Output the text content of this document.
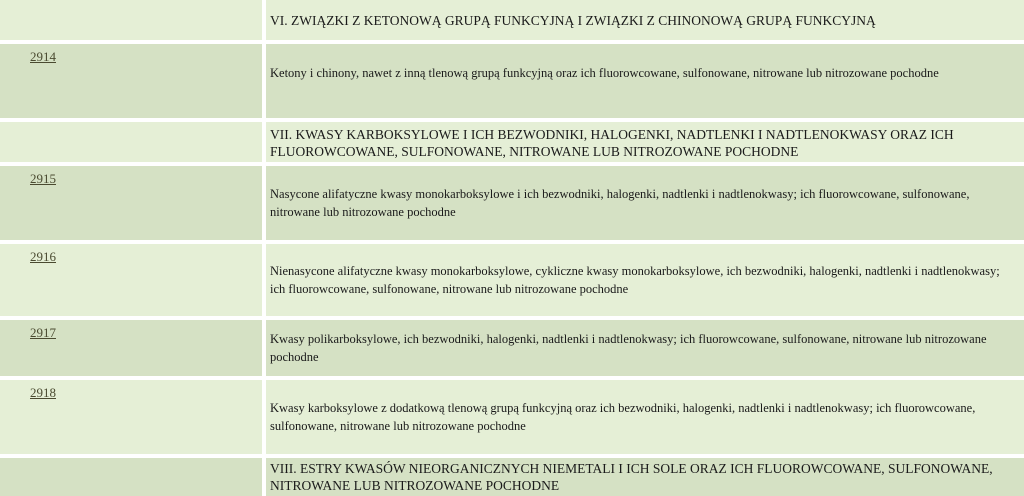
VI. ZWIĄZKI Z KETONOWĄ GRUPĄ FUNKCYJNĄ I ZWIĄZKI Z CHINONOWĄ GRUPĄ FUNKCYJNĄ
2914
Ketony i chinony, nawet z inną tlenową grupą funkcyjną oraz ich fluorowcowane, sulfonowane, nitrowane lub nitrozowane pochodne
VII. KWASY KARBOKSYLOWE I ICH BEZWODNIKI, HALOGENKI, NADTLENKI I NADTLENOKWASY ORAZ ICH FLUOROWCOWANE, SULFONOWANE, NITROWANE LUB NITROZOWANE POCHODNE
2915
Nasycone alifatyczne kwasy monokarboksylowe i ich bezwodniki, halogenki, nadtlenki i nadtlenokwasy; ich fluorowcowane, sulfonowane, nitrowane lub nitrozowane pochodne
2916
Nienasycone alifatyczne kwasy monokarboksylowe, cykliczne kwasy monokarboksylowe, ich bezwodniki, halogenki, nadtlenki i nadtlenokwasy; ich fluorowcowane, sulfonowane, nitrowane lub nitrozowane pochodne
2917	Kwasy polikarboksylowe, ich bezwodniki, halogenki, nadtlenki i nadtlenokwasy; ich fluorowcowane, sulfonowane, nitrowane lub nitrozowane pochodne
2918
Kwasy karboksylowe z dodatkową tlenową grupą funkcyjną oraz ich bezwodniki, halogenki, nadtlenki i nadtlenokwasy; ich fluorowcowane, sulfonowane, nitrowane lub nitrozowane pochodne
VIII. ESTRY KWASÓW NIEORGANICZNYCH NIEMETALI I ICH SOLE ORAZ ICH FLUOROWCOWANE, SULFONOWANE, NITROWANE LUB NITROZOWANE POCHODNE
